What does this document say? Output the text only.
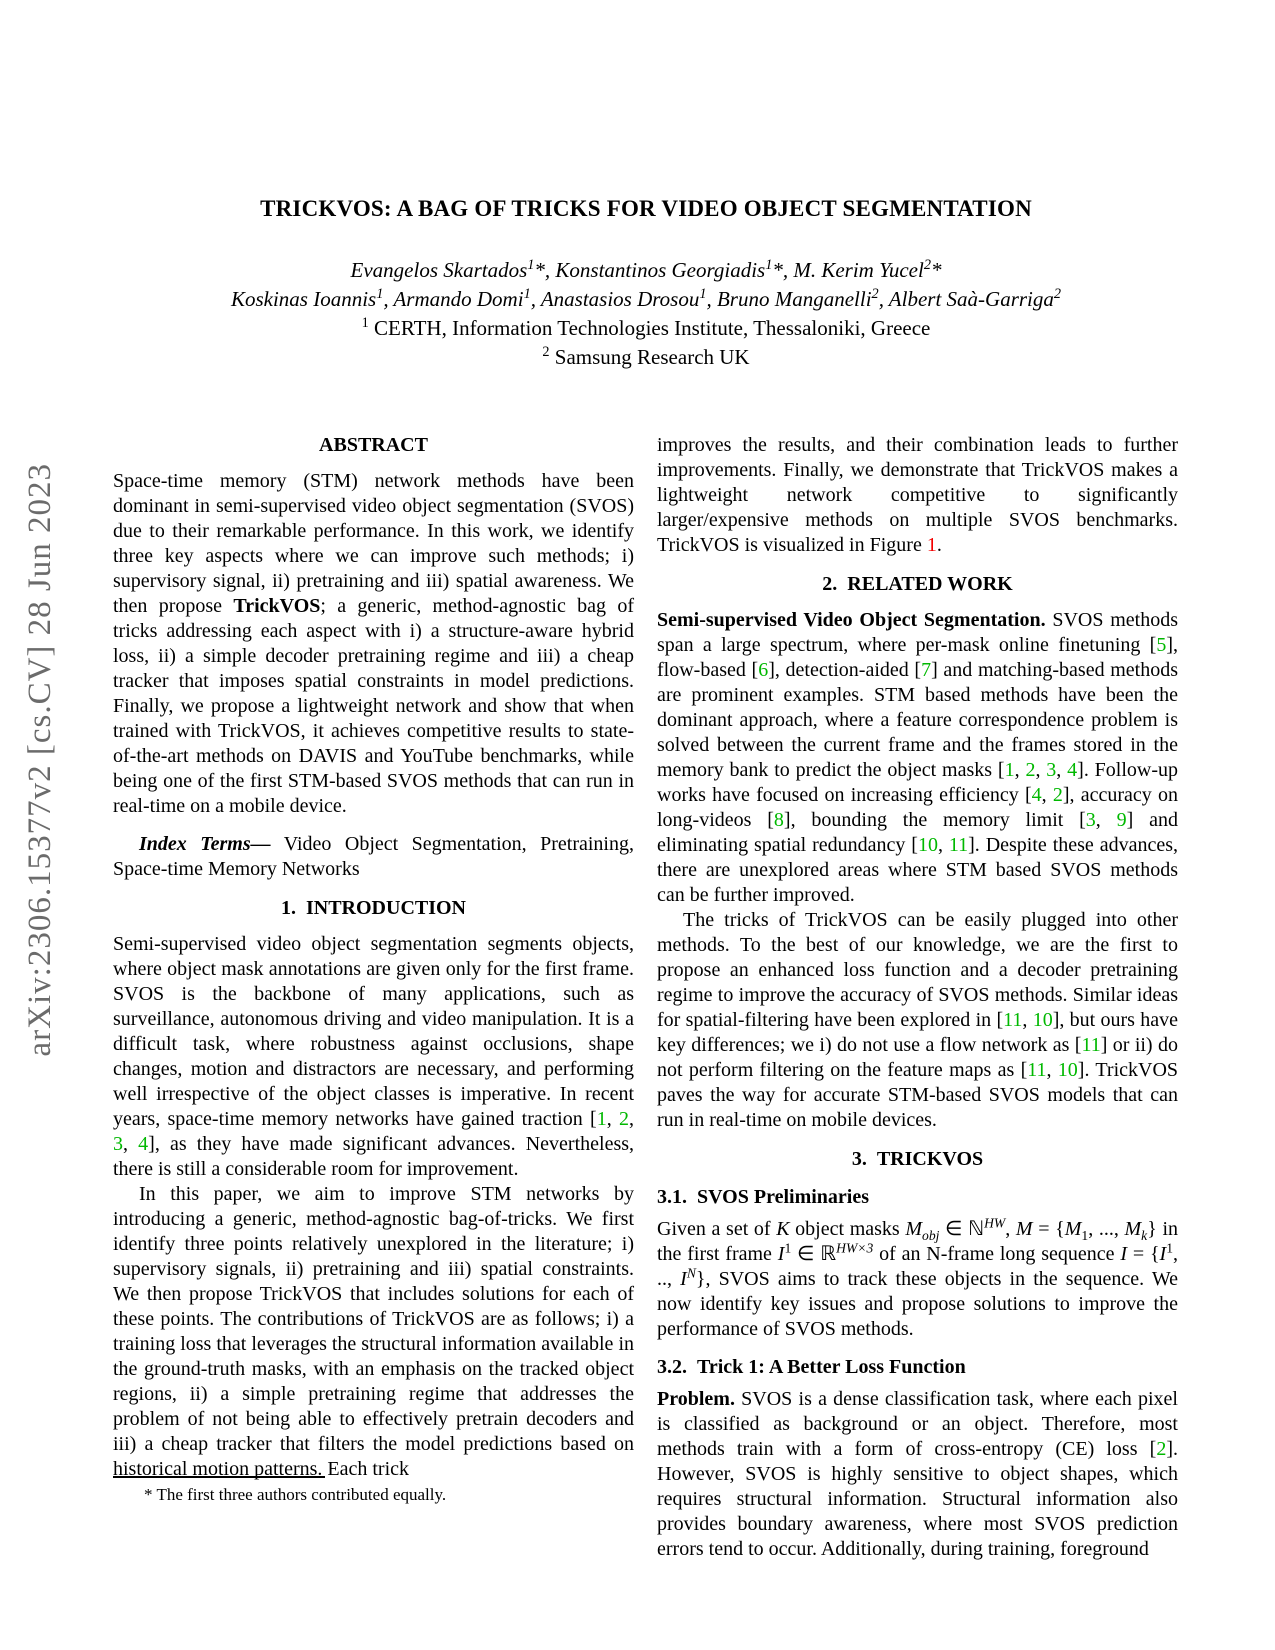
arXiv:2306.15377v2 [cs.CV] 28 Jun 2023
TRICKVOS: A BAG OF TRICKS FOR VIDEO OBJECT SEGMENTATION
Evangelos Skartados$^1$*, Konstantinos Georgiadis$^1$*, M. Kerim Yucel$^2$*
Koskinas Ioannis$^1$, Armando Domi$^1$, Anastasios Drosou$^1$, Bruno Manganelli$^2$, Albert Saà-Garriga$^2$
$^1$ CERTH, Information Technologies Institute, Thessaloniki, Greece
$^2$ Samsung Research UK
ABSTRACT

Space-time memory (STM) network methods have been dominant in semi-supervised video object segmentation (SVOS) due to their remarkable performance. In this work, we identify three key aspects where we can improve such methods; i) supervisory signal, ii) pretraining and iii) spatial awareness. We then propose TrickVOS; a generic, method-agnostic bag of tricks addressing each aspect with i) a structure-aware hybrid loss, ii) a simple decoder pretraining regime and iii) a cheap tracker that imposes spatial constraints in model predictions. Finally, we propose a lightweight network and show that when trained with TrickVOS, it achieves competitive results to state-of-the-art methods on DAVIS and YouTube benchmarks, while being one of the first STM-based SVOS methods that can run in real-time on a mobile device.

Index Terms— Video Object Segmentation, Pretraining, Space-time Memory Networks

1. INTRODUCTION

Semi-supervised video object segmentation segments objects, where object mask annotations are given only for the first frame. SVOS is the backbone of many applications, such as surveillance, autonomous driving and video manipulation. It is a difficult task, where robustness against occlusions, shape changes, motion and distractors are necessary, and performing well irrespective of the object classes is imperative. In recent years, space-time memory networks have gained traction [1, 2, 3, 4], as they have made significant advances. Nevertheless, there is still a considerable room for improvement.

In this paper, we aim to improve STM networks by introducing a generic, method-agnostic bag-of-tricks. We first identify three points relatively unexplored in the literature; i) supervisory signals, ii) pretraining and iii) spatial constraints. We then propose TrickVOS that includes solutions for each of these points. The contributions of TrickVOS are as follows; i) a training loss that leverages the structural information available in the ground-truth masks, with an emphasis on the tracked object regions, ii) a simple pretraining regime that addresses the problem of not being able to effectively pretrain decoders and iii) a cheap tracker that filters the model predictions based on historical motion patterns. Each trick

improves the results, and their combination leads to further improvements. Finally, we demonstrate that TrickVOS makes a lightweight network competitive to significantly larger/expensive methods on multiple SVOS benchmarks. TrickVOS is visualized in Figure 1.

2. RELATED WORK

Semi-supervised Video Object Segmentation. SVOS methods span a large spectrum, where per-mask online finetuning [5], flow-based [6], detection-aided [7] and matching-based methods are prominent examples. STM based methods have been the dominant approach, where a feature correspondence problem is solved between the current frame and the frames stored in the memory bank to predict the object masks [1, 2, 3, 4]. Follow-up works have focused on increasing efficiency [4, 2], accuracy on long-videos [8], bounding the memory limit [3, 9] and eliminating spatial redundancy [10, 11]. Despite these advances, there are unexplored areas where STM based SVOS methods can be further improved.

The tricks of TrickVOS can be easily plugged into other methods. To the best of our knowledge, we are the first to propose an enhanced loss function and a decoder pretraining regime to improve the accuracy of SVOS methods. Similar ideas for spatial-filtering have been explored in [11, 10], but ours have key differences; we i) do not use a flow network as [11] or ii) do not perform filtering on the feature maps as [11, 10]. TrickVOS paves the way for accurate STM-based SVOS models that can run in real-time on mobile devices.

3. TRICKVOS
3.1. SVOS Preliminaries

Given a set of K object masks $M_{obj}$ ∈ ℕ$^{HW}$, $M = \{M_1$, ..., $M_k$} in the first frame $I^1$ ∈ ℝ$^{HW\times 3}$ of an N-frame long sequence $I = \{I^1$, .., $I^N$}, SVOS aims to track these objects in the sequence. We now identify key issues and propose solutions to improve the performance of SVOS methods.

3.2. Trick 1: A Better Loss Function

Problem. SVOS is a dense classification task, where each pixel is classified as background or an object. Therefore, most methods train with a form of cross-entropy (CE) loss [2]. However, SVOS is highly sensitive to object shapes, which requires structural information. Structural information also provides boundary awareness, where most SVOS prediction errors tend to occur. Additionally, during training, foreground

* The first three authors contributed equally.
